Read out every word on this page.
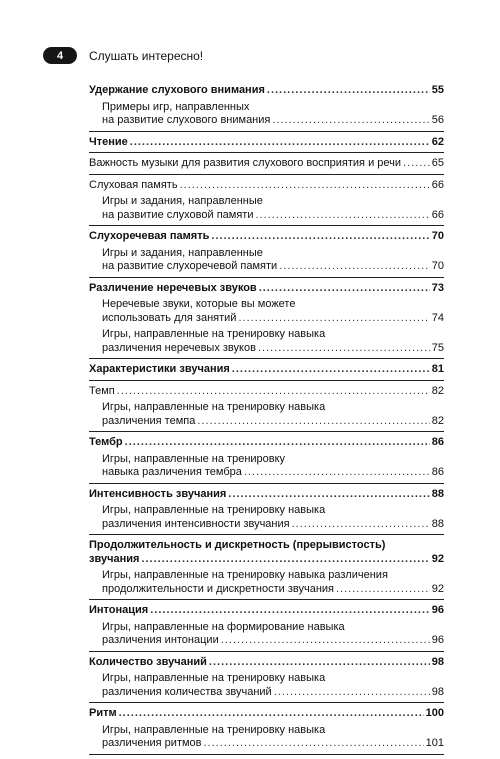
4	Слушать интересно!
Удержание слухового внимания .....	55
Примеры игр, направленных
на развитие слухового внимания .....	56
Чтение .....	62
Важность музыки для развития слухового восприятия и речи .....	65
Слуховая память .....	66
Игры и задания, направленные
на развитие слуховой памяти .....	66
Слухоречевая память .....	70
Игры и задания, направленные
на развитие слухоречевой памяти .....	70
Различение неречевых звуков .....	73
Неречевые звуки, которые вы можете
использовать для занятий .....	74
Игры, направленные на тренировку навыка
различения неречевых звуков .....	75
Характеристики звучания .....	81
Темп .....	82
Игры, направленные на тренировку навыка
различения темпа .....	82
Тембр .....	86
Игры, направленные на тренировку
навыка различения тембра .....	86
Интенсивность звучания .....	88
Игры, направленные на тренировку навыка
различения интенсивности звучания .....	88
Продолжительность и дискретность (прерывистость)
звучания .....	92
Игры, направленные на тренировку навыка различения
продолжительности и дискретности звучания .....	92
Интонация .....	96
Игры, направленные на формирование навыка
различения интонации .....	96
Количество звучаний .....	98
Игры, направленные на тренировку навыка
различения количества звучаний .....	98
Ритм .....	100
Игры, направленные на тренировку навыка
различения ритмов .....	101
